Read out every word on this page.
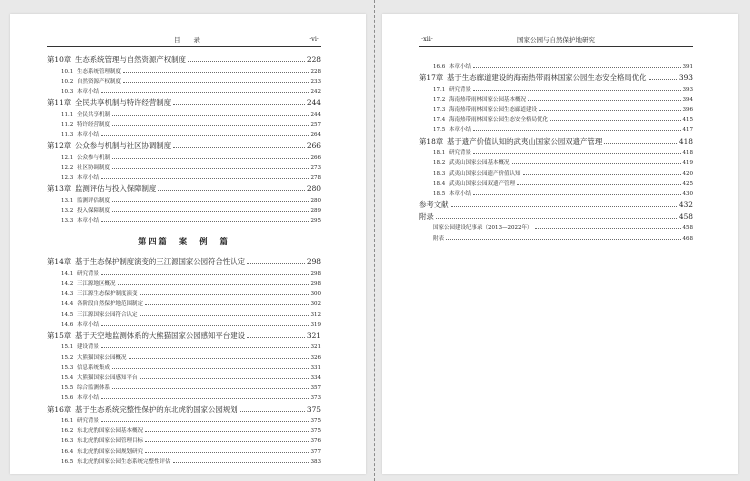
目　　录	·vi·
第10章 生态系统管理与自然资源产权制度	228
10.1 生态系统管理制度	228
10.2 自然资源产权制度	233
10.3 本章小结	242
第11章 全民共享机制与特许经营制度	244
11.1 全民共享机制	244
11.2 特许经营制度	257
11.3 本章小结	264
第12章 公众参与机制与社区协调制度	266
12.1 公众参与机制	266
12.2 社区协调制度	273
12.3 本章小结	278
第13章 监测评估与投入保障制度	280
13.1 监测评估制度	280
13.2 投入保障制度	289
13.3 本章小结	295
第四篇　案　例　篇
第14章 基于生态保护制度演变的三江源国家公园符合性认定	298
14.1 研究背景	298
14.2 三江源地区概况	298
14.3 三江源生态保护制度演变	300
14.4 各阶段自然保护地范围制定	302
14.5 三江源国家公园符合认定	312
14.6 本章小结	319
第15章 基于天空地监测体系的大熊猫国家公园感知平台建设	321
15.1 建设背景	321
15.2 大熊猫国家公园概况	326
15.3 信息系统集成	331
15.4 大熊猫国家公园感知平台	334
15.5 综合监测体系	357
15.6 本章小结	373
第16章 基于生态系统完整性保护的东北虎豹国家公园规划	375
16.1 研究背景	375
16.2 东北虎豹国家公园基本概况	375
16.3 东北虎豹国家公园管理目标	376
16.4 东北虎豹国家公园规划研究	377
16.5 东北虎豹国家公园生态系统完整性评估	383
·xii·	国家公园与自然保护地研究
16.6 本章小结	391
第17章 基于生态廊道建设的海南热带雨林国家公园生态安全格局优化	393
17.1 研究背景	393
17.2 海南热带雨林国家公园基本概况	394
17.3 海南热带雨林国家公园生态廊道建设	396
17.4 海南热带雨林国家公园生态安全格局优化	415
17.5 本章小结	417
第18章 基于遗产价值认知的武夷山国家公园双遗产管理	418
18.1 研究背景	418
18.2 武夷山国家公园基本概况	419
18.3 武夷山国家公园遗产价值认知	420
18.4 武夷山国家公园双遗产管理	425
18.5 本章小结	430
参考文献	432
附录	458
国家公园建设纪事录（2013—2022年）	458
附表	468
